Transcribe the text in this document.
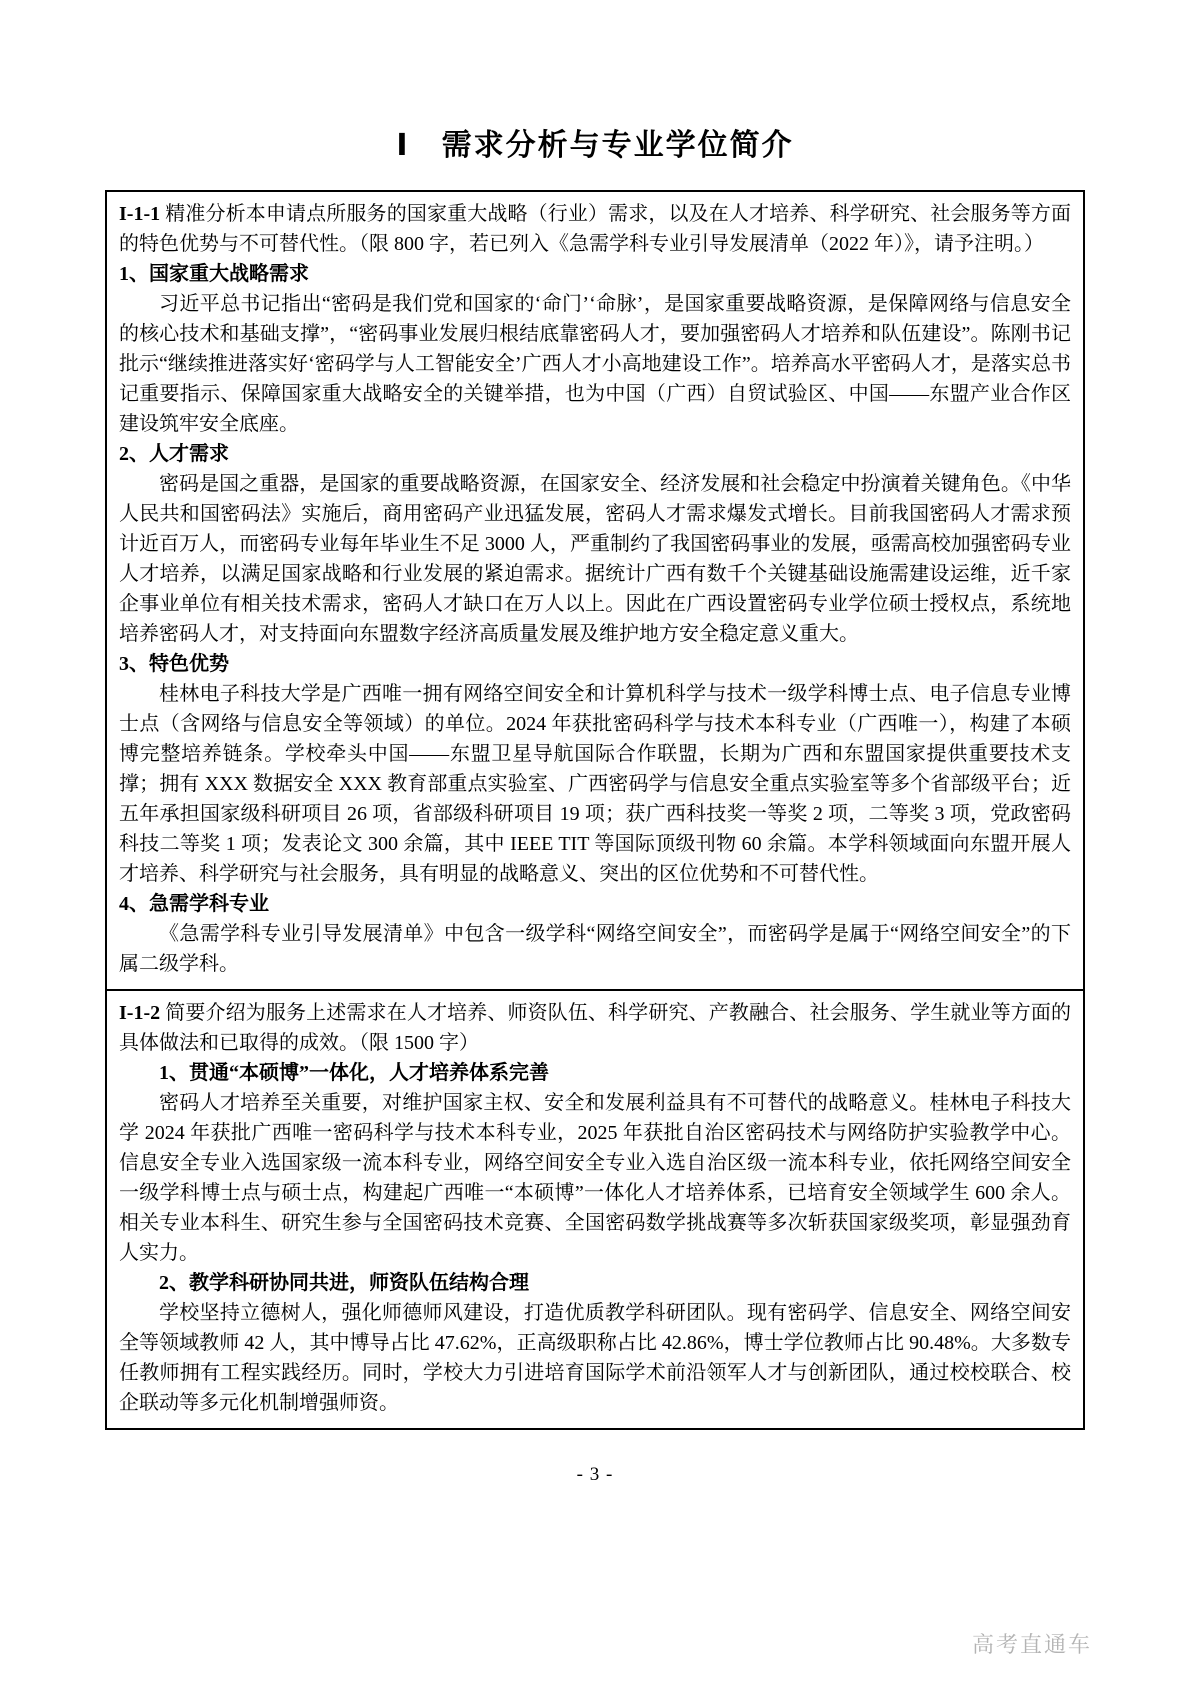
Ⅰ　需求分析与专业学位简介

I-1-1 精准分析本申请点所服务的国家重大战略（行业）需求，以及在人才培养、科学研究、社会服务等方面的特色优势与不可替代性。（限 800 字，若已列入《急需学科专业引导发展清单（2022 年）》，请予注明。）

1、国家重大战略需求

习近平总书记指出“密码是我们党和国家的‘命门’‘命脉’，是国家重要战略资源，是保障网络与信息安全的核心技术和基础支撑”，“密码事业发展归根结底靠密码人才，要加强密码人才培养和队伍建设”。陈刚书记批示“继续推进落实好‘密码学与人工智能安全’广西人才小高地建设工作”。培养高水平密码人才，是落实总书记重要指示、保障国家重大战略安全的关键举措，也为中国（广西）自贸试验区、中国——东盟产业合作区建设筑牢安全底座。

2、人才需求

密码是国之重器，是国家的重要战略资源，在国家安全、经济发展和社会稳定中扮演着关键角色。《中华人民共和国密码法》实施后，商用密码产业迅猛发展，密码人才需求爆发式增长。目前我国密码人才需求预计近百万人，而密码专业每年毕业生不足 3000 人，严重制约了我国密码事业的发展，亟需高校加强密码专业人才培养，以满足国家战略和行业发展的紧迫需求。据统计广西有数千个关键基础设施需建设运维，近千家企事业单位有相关技术需求，密码人才缺口在万人以上。因此在广西设置密码专业学位硕士授权点，系统地培养密码人才，对支持面向东盟数字经济高质量发展及维护地方安全稳定意义重大。

3、特色优势

桂林电子科技大学是广西唯一拥有网络空间安全和计算机科学与技术一级学科博士点、电子信息专业博士点（含网络与信息安全等领域）的单位。2024 年获批密码科学与技术本科专业（广西唯一），构建了本硕博完整培养链条。学校牵头中国——东盟卫星导航国际合作联盟，长期为广西和东盟国家提供重要技术支撑；拥有 XXX 数据安全 XXX 教育部重点实验室、广西密码学与信息安全重点实验室等多个省部级平台；近五年承担国家级科研项目 26 项，省部级科研项目 19 项；获广西科技奖一等奖 2 项，二等奖 3 项，党政密码科技二等奖 1 项；发表论文 300 余篇，其中 IEEE TIT 等国际顶级刊物 60 余篇。本学科领域面向东盟开展人才培养、科学研究与社会服务，具有明显的战略意义、突出的区位优势和不可替代性。

4、急需学科专业

《急需学科专业引导发展清单》中包含一级学科“网络空间安全”，而密码学是属于“网络空间安全”的下属二级学科。

I-1-2 简要介绍为服务上述需求在人才培养、师资队伍、科学研究、产教融合、社会服务、学生就业等方面的具体做法和已取得的成效。（限 1500 字）

1、贯通“本硕博”一体化，人才培养体系完善

密码人才培养至关重要，对维护国家主权、安全和发展利益具有不可替代的战略意义。桂林电子科技大学 2024 年获批广西唯一密码科学与技术本科专业，2025 年获批自治区密码技术与网络防护实验教学中心。信息安全专业入选国家级一流本科专业，网络空间安全专业入选自治区级一流本科专业，依托网络空间安全一级学科博士点与硕士点，构建起广西唯一“本硕博”一体化人才培养体系，已培育安全领域学生 600 余人。相关专业本科生、研究生参与全国密码技术竞赛、全国密码数学挑战赛等多次斩获国家级奖项，彰显强劲育人实力。

2、教学科研协同共进，师资队伍结构合理

学校坚持立德树人，强化师德师风建设，打造优质教学科研团队。现有密码学、信息安全、网络空间安全等领域教师 42 人，其中博导占比 47.62%，正高级职称占比 42.86%，博士学位教师占比 90.48%。大多数专任教师拥有工程实践经历。同时，学校大力引进培育国际学术前沿领军人才与创新团队，通过校校联合、校企联动等多元化机制增强师资。

- 3 -
高考直通车
